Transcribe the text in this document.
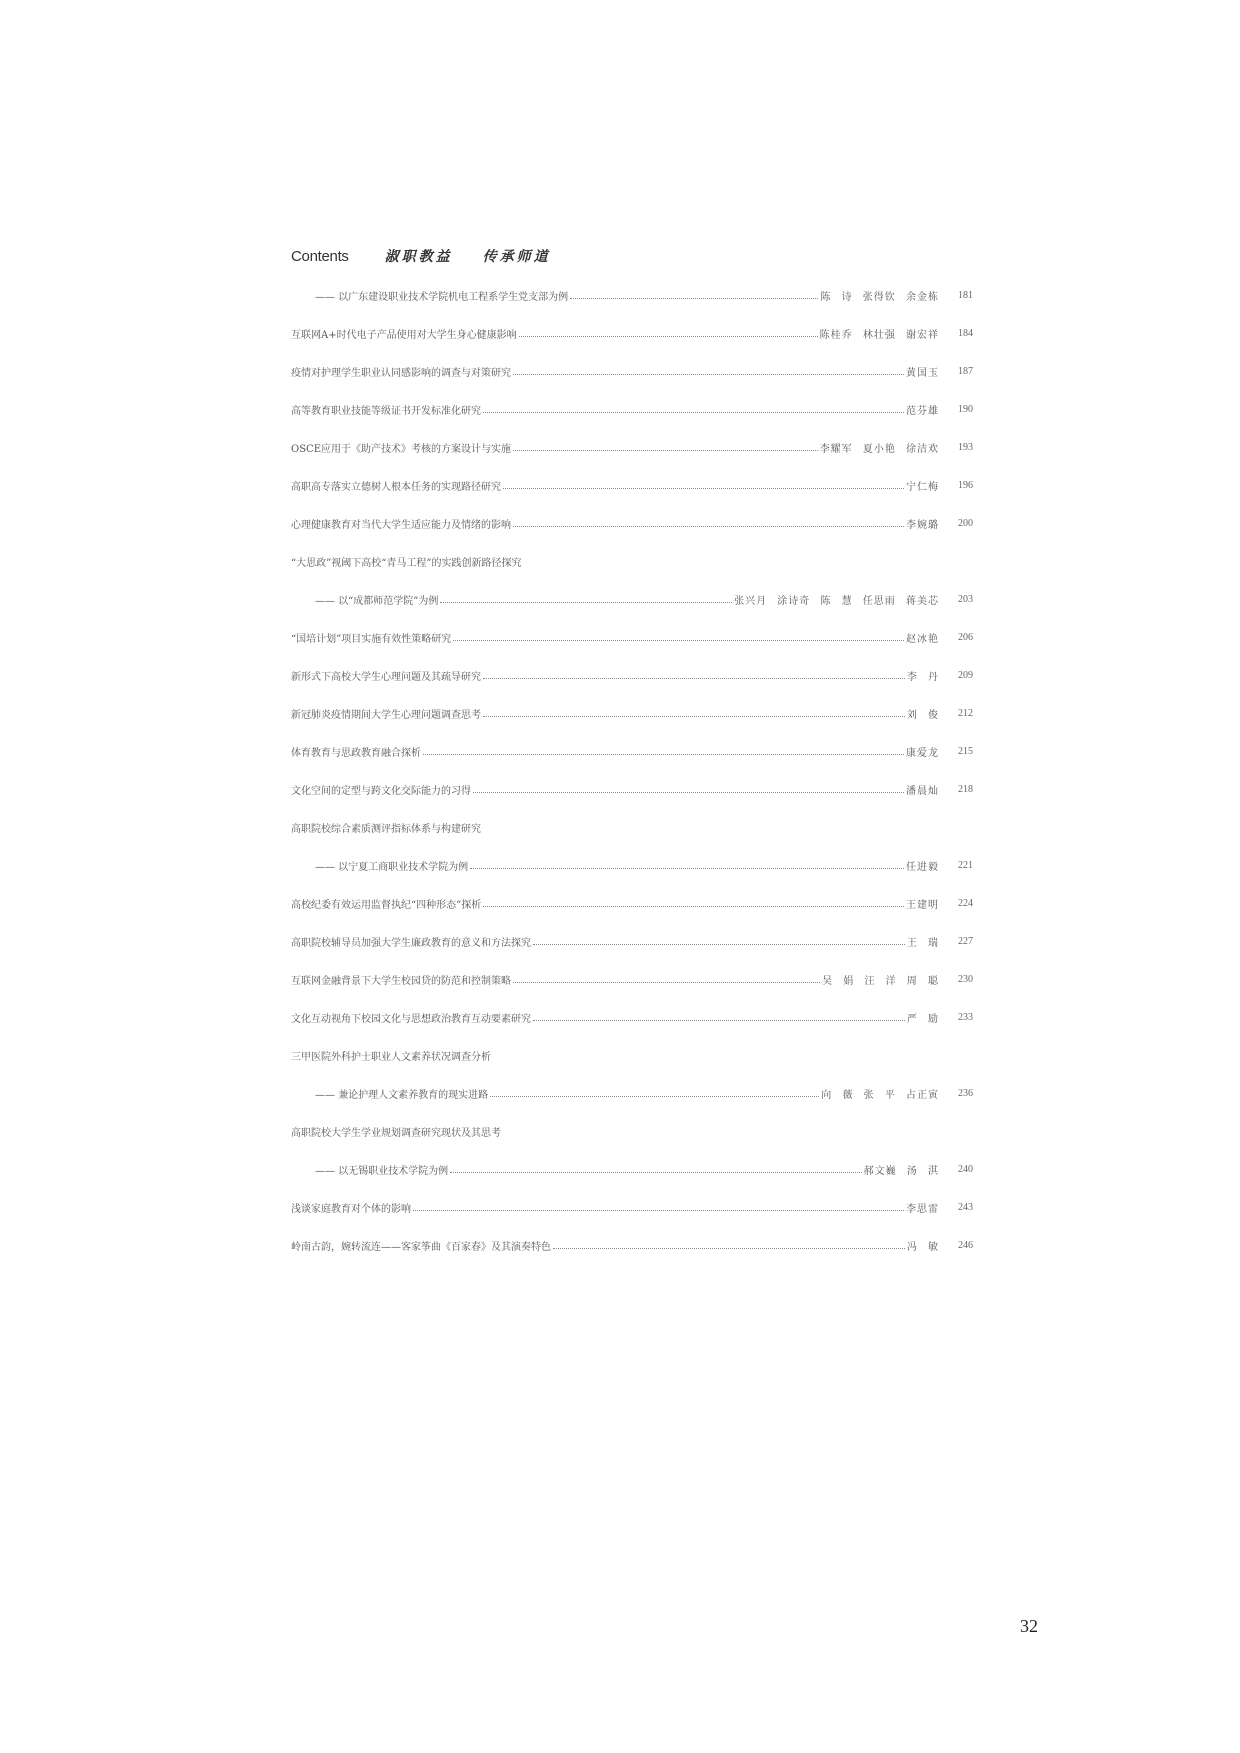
Contents	淑职教益 传承师道
—— 以广东建设职业技术学院机电工程系学生党支部为例	陈 诗 张得钦 余金栋	181
互联网A+时代电子产品使用对大学生身心健康影响	陈桂乔 林壮强 谢宏祥	184
疫情对护理学生职业认同感影响的调查与对策研究	黄国玉	187
高等教育职业技能等级证书开发标准化研究	范芬雄	190
OSCE应用于《助产技术》考核的方案设计与实施	李耀军 夏小艳 徐洁欢	193
高职高专落实立德树人根本任务的实现路径研究	宁仁梅	196
心理健康教育对当代大学生适应能力及情绪的影响	李婉璐	200
“大思政”视阈下高校“青马工程”的实践创新路径探究
—— 以“成都师范学院”为例	张兴月 涂诗奇 陈 慧 任思雨 蒋美芯	203
“国培计划”项目实施有效性策略研究	赵冰艳	206
新形式下高校大学生心理问题及其疏导研究	李 丹	209
新冠肺炎疫情期间大学生心理问题调查思考	刘 俊	212
体育教育与思政教育融合探析	康爱龙	215
文化空间的定型与跨文化交际能力的习得	潘晨灿	218
高职院校综合素质测评指标体系与构建研究
—— 以宁夏工商职业技术学院为例	任进毅	221
高校纪委有效运用监督执纪“四种形态”探析	王建明	224
高职院校辅导员加强大学生廉政教育的意义和方法探究	王 瑞	227
互联网金融背景下大学生校园贷的防范和控制策略	吴 娟 汪 洋 周 聪	230
文化互动视角下校园文化与思想政治教育互动要素研究	严 励	233
三甲医院外科护士职业人文素养状况调查分析
—— 兼论护理人文素养教育的现实进路	向 薇 张 平 占正寅	236
高职院校大学生学业规划调查研究现状及其思考
—— 以无锡职业技术学院为例	郝文巍 汤 淇	240
浅谈家庭教育对个体的影响	李思雷	243
岭南古韵，婉转流连——客家筝曲《百家春》及其演奏特色	冯 敏	246
32
